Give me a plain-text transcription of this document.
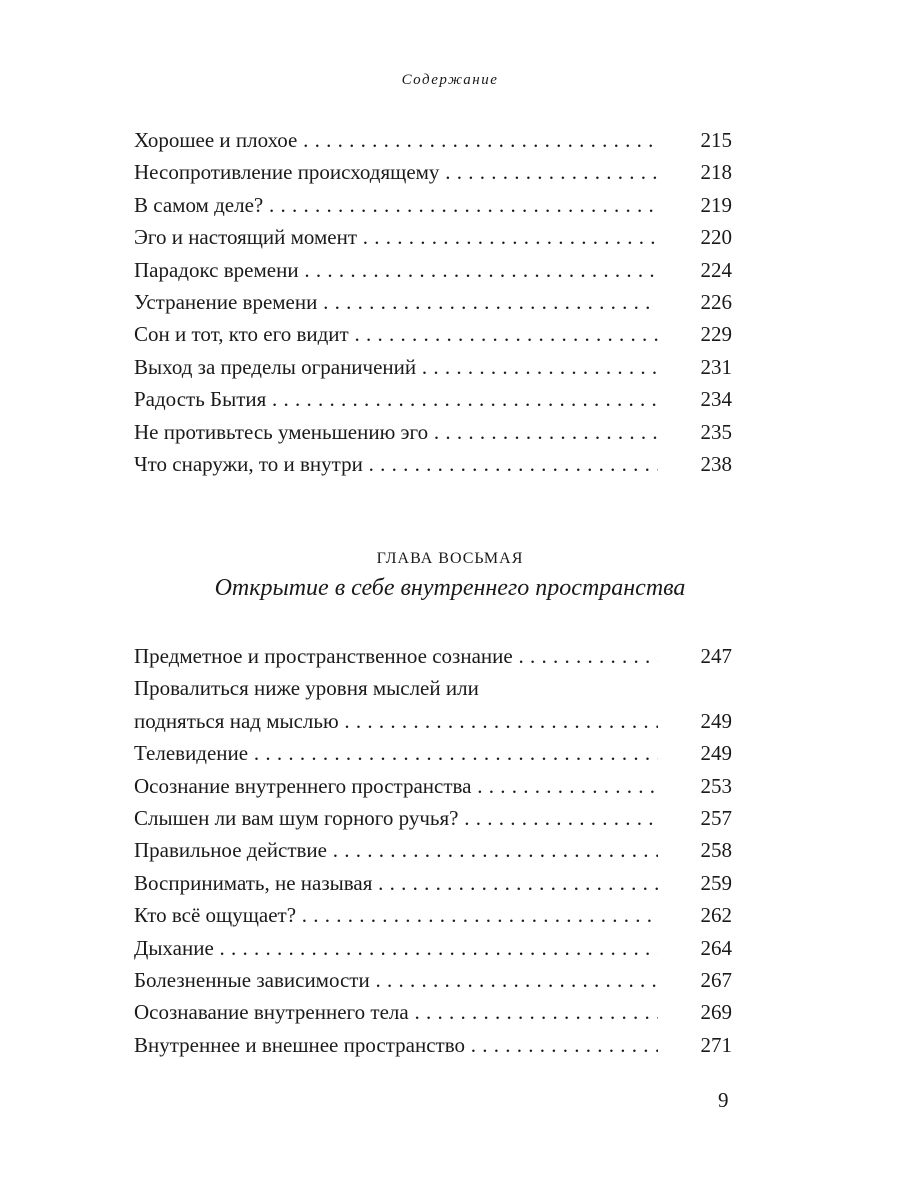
Содержание
Хорошее и плохое . . .	215
Несопротивление происходящему . . .	218
В самом деле? . . .	219
Эго и настоящий момент . . .	220
Парадокс времени . . .	224
Устранение времени . . .	226
Сон и тот, кто его видит . . .	229
Выход за пределы ограничений . . .	231
Радость Бытия . . .	234
Не противьтесь уменьшению эго . . .	235
Что снаружи, то и внутри . . .	238
ГЛАВА ВОСЬМАЯ
Открытие в себе внутреннего пространства
Предметное и пространственное сознание . . .	247
Провалиться ниже уровня мыслей или
подняться над мыслью . . .	249
Телевидение . . .	249
Осознание внутреннего пространства . . .	253
Слышен ли вам шум горного ручья? . . .	257
Правильное действие . . .	258
Воспринимать, не называя . . .	259
Кто всё ощущает? . . .	262
Дыхание . . .	264
Болезненные зависимости . . .	267
Осознавание внутреннего тела . . .	269
Внутреннее и внешнее пространство . . .	271
9
